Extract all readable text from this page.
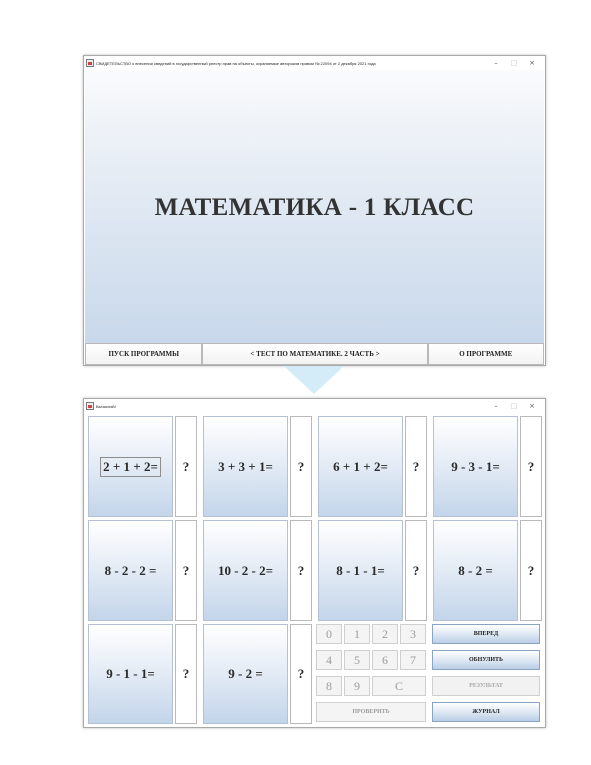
СВИДЕТЕЛЬСТВО о внесении сведений в государственный реестр прав на объекты, охраняемые авторским правом № 22094 от 2 декабря 2021 года	–	□	×
МАТЕМАТИКА - 1 КЛАСС
ПУСК ПРОГРАММЫ	< ТЕСТ ПО МАТЕМАТИКЕ. 2 ЧАСТЬ >	О ПРОГРАММЕ
Вычисляй!	–	□	×
2 + 1 + 2=	?	3 + 3 + 1=	?	6 + 1 + 2=	?	9 - 3 - 1=	?
8 - 2 - 2 =	?	10 - 2 - 2=	?	8 - 1 - 1=	?	8 - 2 =	?
9 - 1 - 1=	?	9 - 2 =	?
0	1	2	3
4	5	6	7
8	9	C
ПРОВЕРИТЬ
ВПЕРЕД
ОБНУЛИТЬ
РЕЗУЛЬТАТ
ЖУРНАЛ
